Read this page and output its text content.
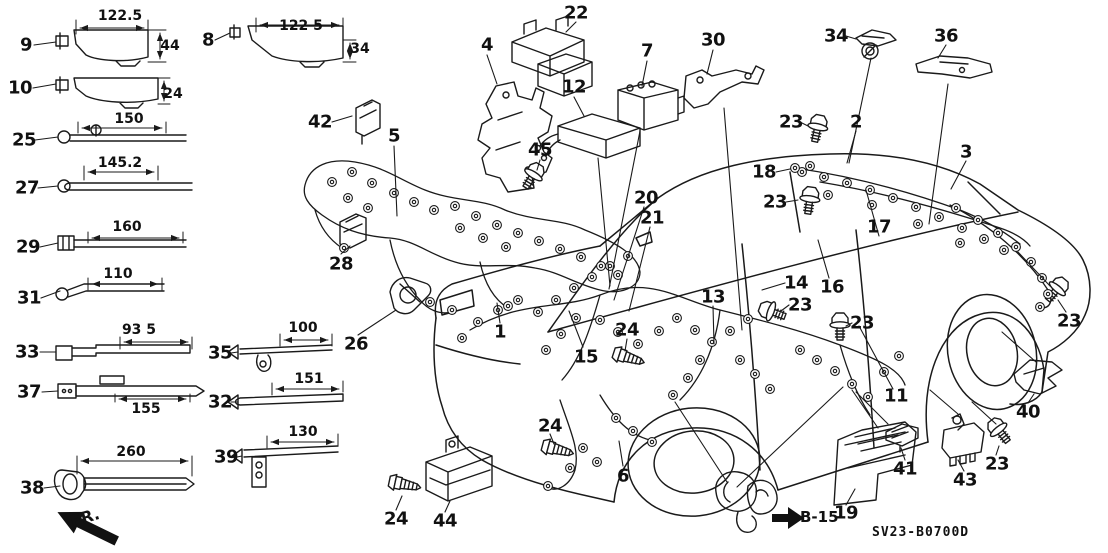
9
10
25
27
29
31
33
37
38
8
35
32
39
42
5
28
26
4
45
22
12
7
30	34	36
23	2
3
18
23
17
20
21
14 16
23
23
13
1
15
24
24
24 44
6
11
41
43
23
40
23
19
122.5
44
24
150
145.2
160
110
93 5
155
260
122 5
34
100
151
130
SV23-B0700D
B-15
FR.
